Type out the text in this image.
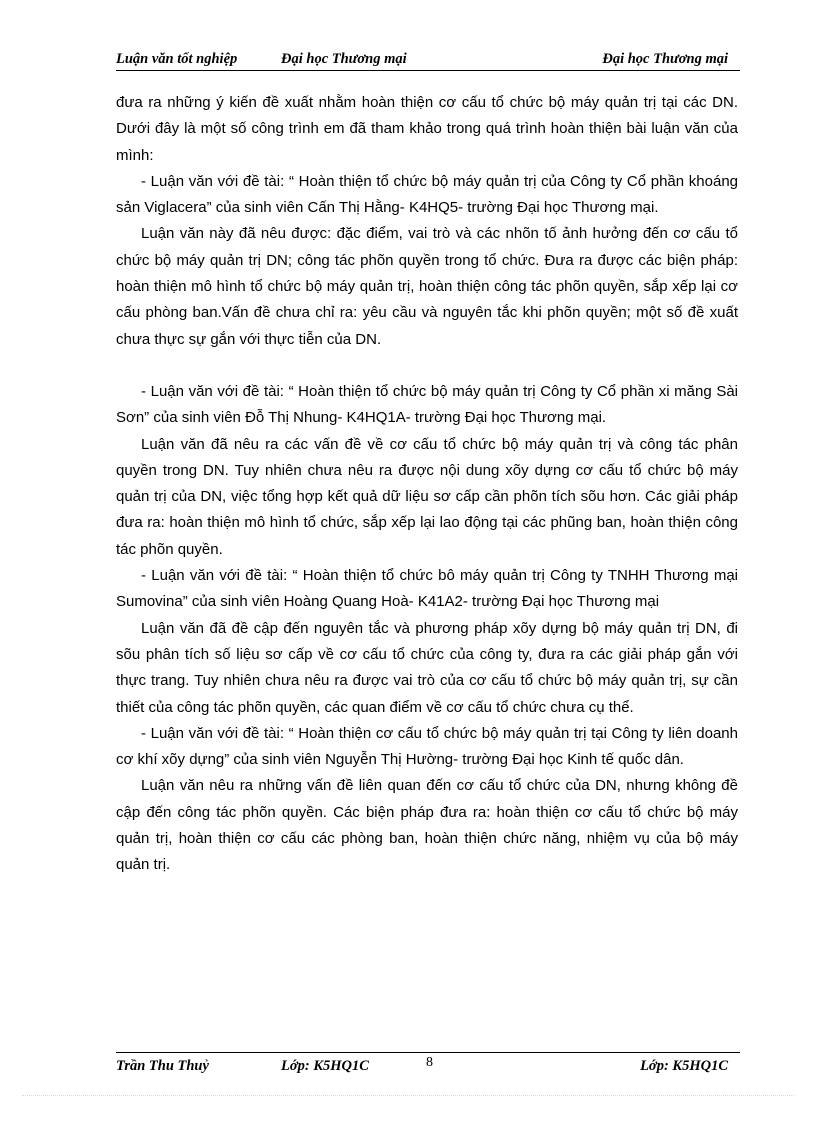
Luận văn tốt nghiệp	Đại học Thương mại	Đại học Thương mại

đưa ra những ý kiến đề xuất nhằm hoàn thiện cơ cấu tổ chức bộ máy quản trị tại các DN. Dưới đây là một số công trình em đã tham khảo trong quá trình hoàn thiện bài luận văn của mình:

- Luận văn với đề tài: “ Hoàn thiện tổ chức bộ máy quản trị của Công ty Cổ phần khoáng sản Viglacera” của sinh viên Cấn Thị Hằng- K4HQ5- trường Đại học Thương mại.

Luận văn này đã nêu được: đặc điểm, vai trò và các nhõn tố ảnh hưởng đến cơ cấu tổ chức bộ máy quản trị DN; công tác phõn quyền trong tổ chức. Đưa ra được các biện pháp: hoàn thiện mô hình tổ chức bộ máy quản trị, hoàn thiện công tác phõn quyền, sắp xếp lại cơ cấu phòng ban.Vấn đề chưa chỉ ra: yêu cầu và nguyên tắc khi phõn quyền; một số đề xuất chưa thực sự gắn với thực tiễn của DN.

- Luận văn với đề tài: “ Hoàn thiện tổ chức bộ máy quản trị Công ty Cổ phần xi măng Sài Sơn” của sinh viên Đỗ Thị Nhung- K4HQ1A- trường Đại học Thương mại.

Luận văn đã nêu ra các vấn đề về cơ cấu tổ chức bộ máy quản trị và công tác phân quyền trong DN. Tuy nhiên chưa nêu ra được nội dung xõy dựng cơ cấu tổ chức bộ máy quản trị của DN, việc tổng hợp kết quả dữ liệu sơ cấp cần phõn tích sõu hơn. Các giải pháp đưa ra: hoàn thiện mô hình tổ chức, sắp xếp lại lao động tại các phũng ban, hoàn thiện công tác phõn quyền.

- Luận văn với đề tài: “ Hoàn thiện tổ chức bô máy quản trị Công ty TNHH Thương mại Sumovina” của sinh viên Hoàng Quang Hoà- K41A2- trường Đại học Thương mại

Luận văn đã đề cập đến nguyên tắc và phương pháp xõy dựng bộ máy quản trị DN, đi sõu phân tích số liệu sơ cấp về cơ cấu tổ chức của công ty, đưa ra các giải pháp gắn với thực trang. Tuy nhiên chưa nêu ra được vai trò của cơ cấu tổ chức bộ máy quản trị, sự cần thiết của công tác phõn quyền, các quan điểm về cơ cấu tổ chức chưa cụ thể.

- Luận văn với đề tài: “ Hoàn thiện cơ cấu tổ chức bộ máy quản trị tại Công ty liên doanh cơ khí xõy dựng” của sinh viên Nguyễn Thị Hường- trường Đại học Kinh tế quốc dân.

Luận văn nêu ra những vấn đề liên quan đến cơ cấu tổ chức của DN, nhưng không đề cập đến công tác phõn quyền. Các biện pháp đưa ra: hoàn thiện cơ cấu tổ chức bộ máy quản trị, hoàn thiện cơ cấu các phòng ban, hoàn thiện chức năng, nhiệm vụ của bộ máy quản trị.

Trần Thu Thuỷ	Lớp: K5HQ1C	8	Lớp: K5HQ1C
